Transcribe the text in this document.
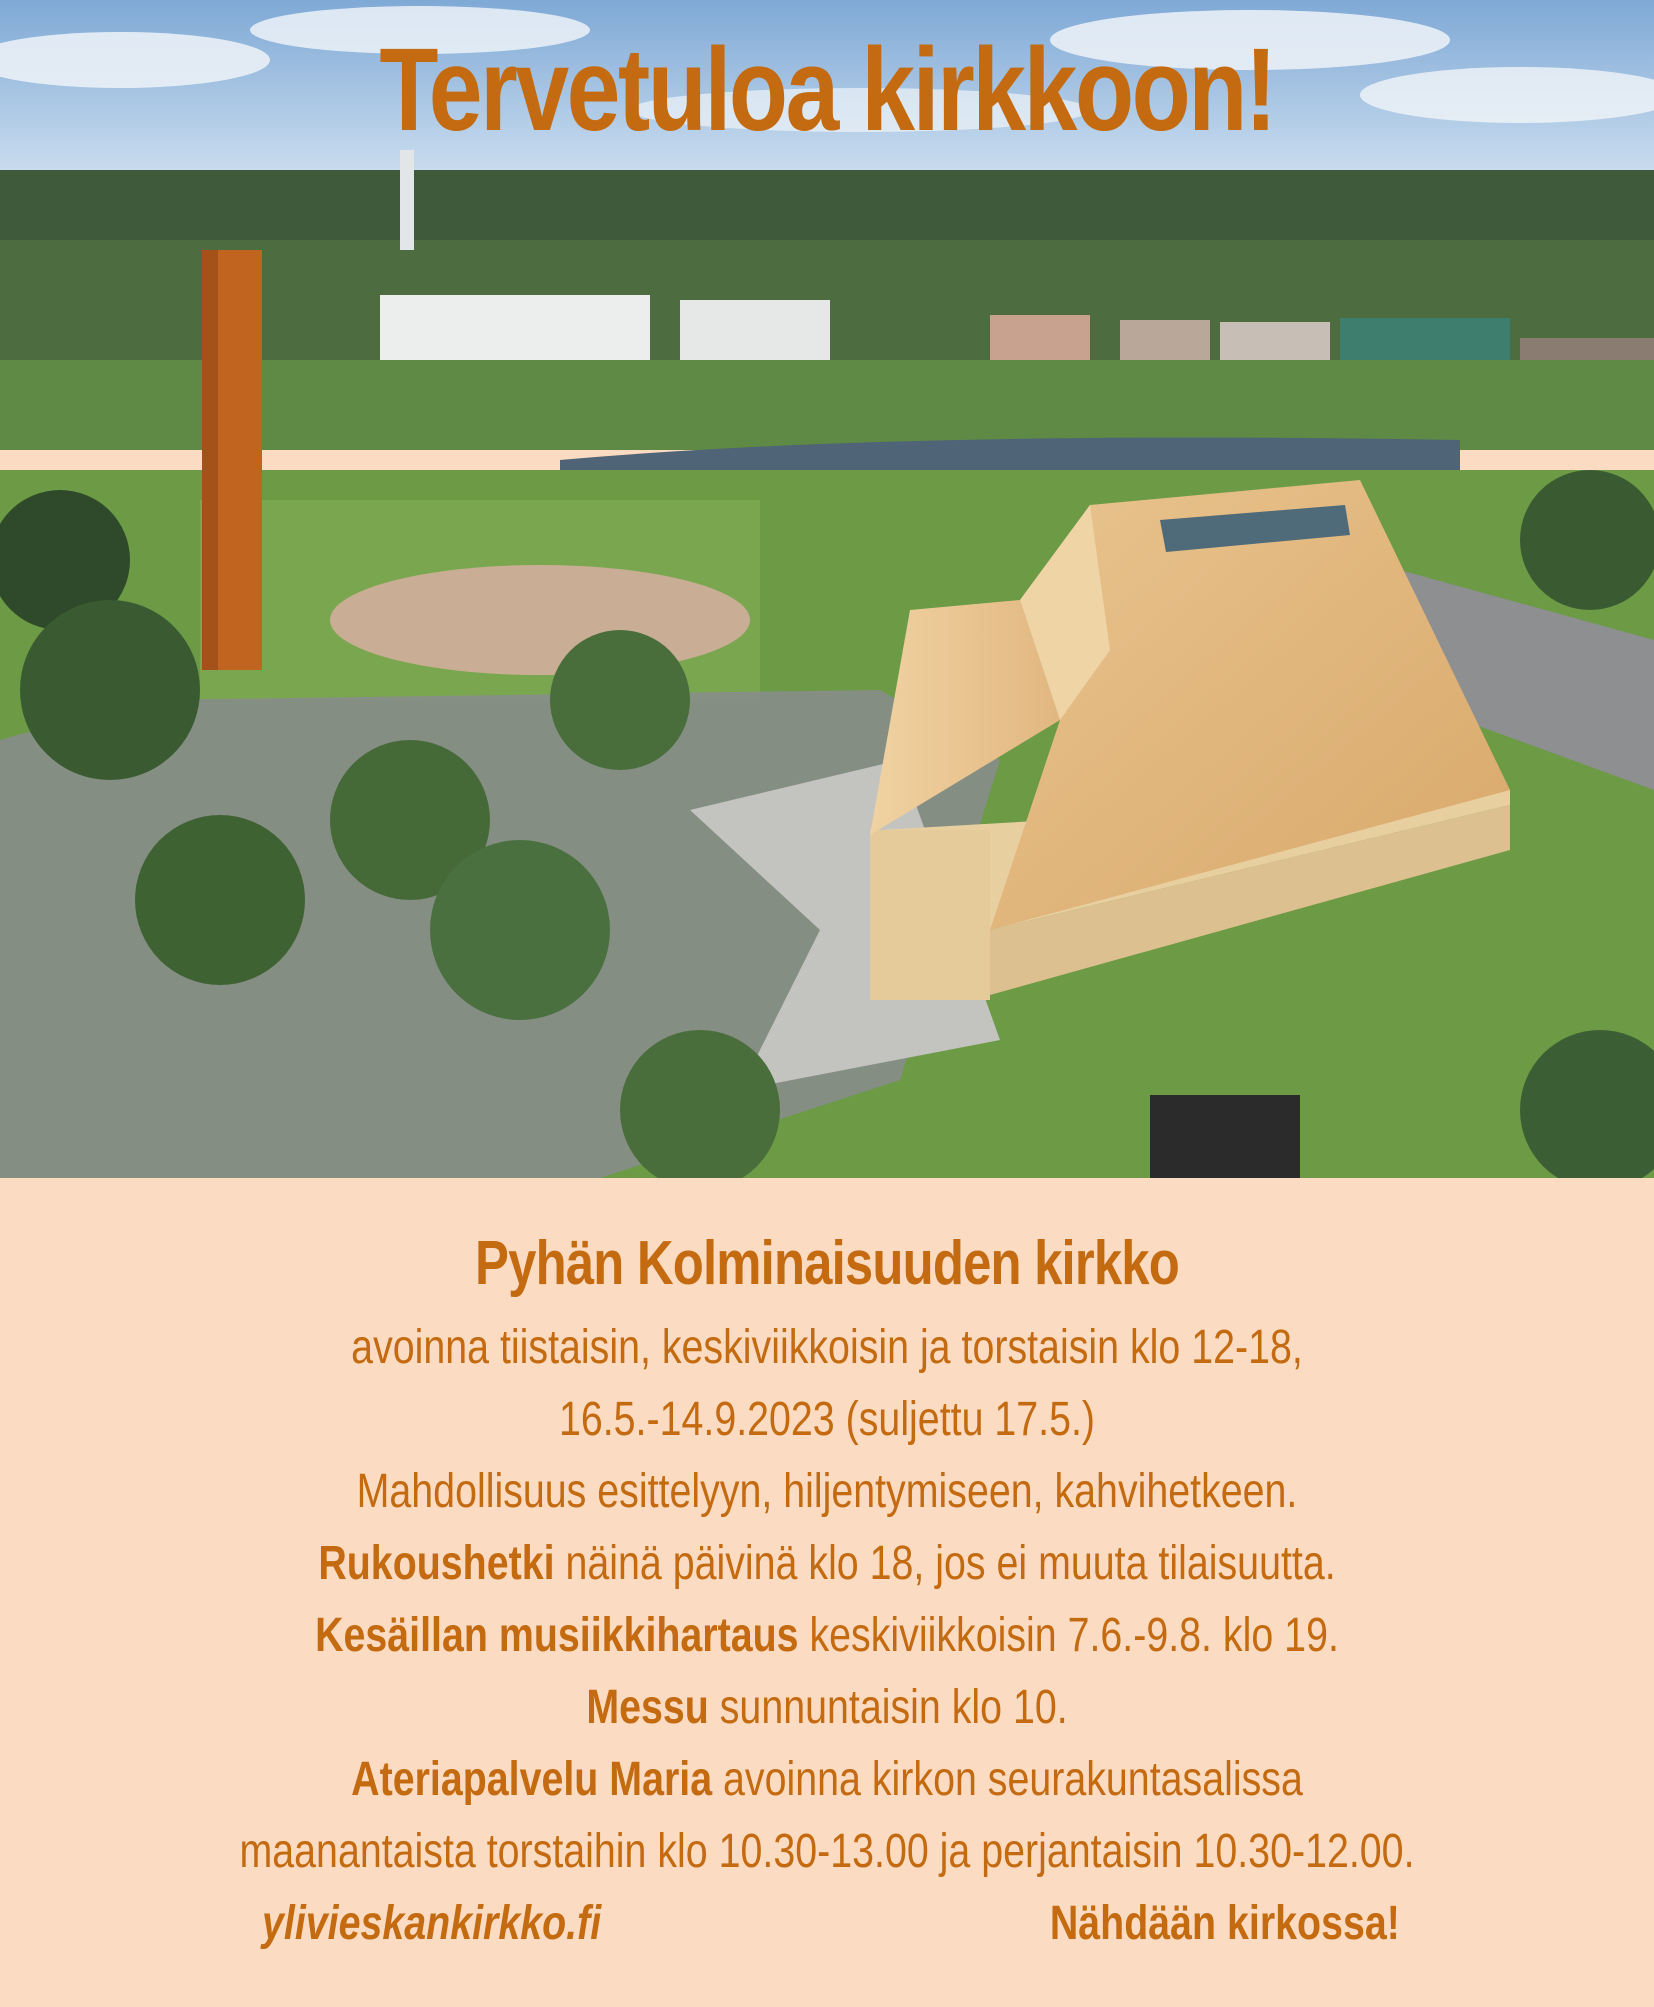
Tervetuloa kirkkoon!
Pyhän Kolminaisuuden kirkko

avoinna tiistaisin, keskiviikkoisin ja torstaisin klo 12-18,

16.5.-14.9.2023 (suljettu 17.5.)

Mahdollisuus esittelyyn, hiljentymiseen, kahvihetkeen.

Rukoushetki näinä päivinä klo 18, jos ei muuta tilaisuutta.

Kesäillan musiikkihartaus keskiviikkoisin 7.6.-9.8. klo 19.

Messu sunnuntaisin klo 10.

Ateriapalvelu Maria avoinna kirkon seurakuntasalissa

maanantaista torstaihin klo 10.30-13.00 ja perjantaisin 10.30-12.00.

ylivieskankirkko.fi	Nähdään kirkossa!
